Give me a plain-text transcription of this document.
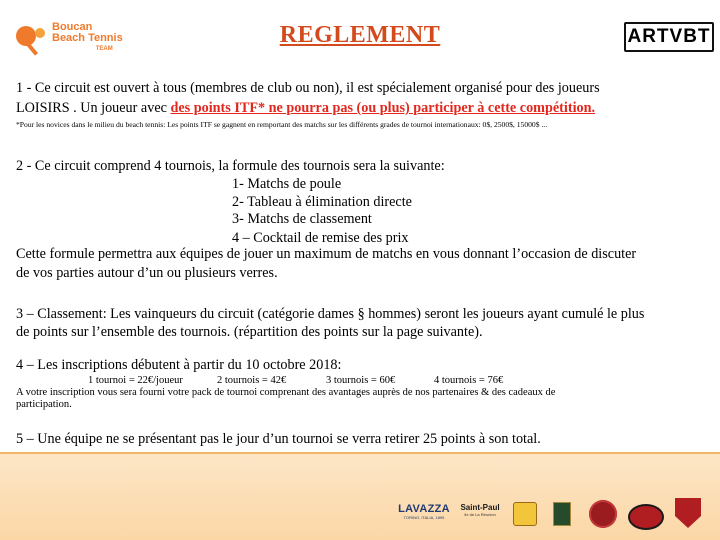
Boucan
Beach Tennis
TEAM
REGLEMENT	ARTVBT
1 - Ce circuit est ouvert à tous (membres de club ou non), il est spécialement organisé pour des joueurs
LOISIRS . Un joueur avec des points ITF* ne pourra pas (ou plus) participer à cette compétition.
*Pour les novices dans le milieu du beach tennis: Les points ITF se gagnent en remportant des matchs sur les différents grades de tournoi internationaux: 0$, 2500$, 15000$ ...
2 - Ce circuit comprend 4 tournois, la formule des tournois sera la suivante:
1- Matchs de poule
2- Tableau à élimination directe
3- Matchs de classement
4 – Cocktail de remise des prix
Cette formule permettra aux équipes de jouer un maximum de matchs en vous donnant l’occasion de discuter
de vos parties autour d’un ou plusieurs verres.
3 – Classement: Les vainqueurs du circuit (catégorie dames § hommes) seront les joueurs ayant cumulé le plus
de points sur l’ensemble des tournois. (répartition des points sur la page suivante).
4 – Les inscriptions débutent à partir du 10 octobre 2018:
1 tournoi = 22€/joueur	2 tournois = 42€	3 tournois = 60€	4 tournois = 76€
A votre inscription vous sera fourni votre pack de tournoi comprenant des avantages auprès de nos partenaires & des cadeaux de
participation.
5 – Une équipe ne se présentant pas le jour d’un tournoi se verra retirer 25 points à son total.
LAVAZZA
TORINO, ITALIA, 1895
Saint-Paul
Ile de La Réunion
